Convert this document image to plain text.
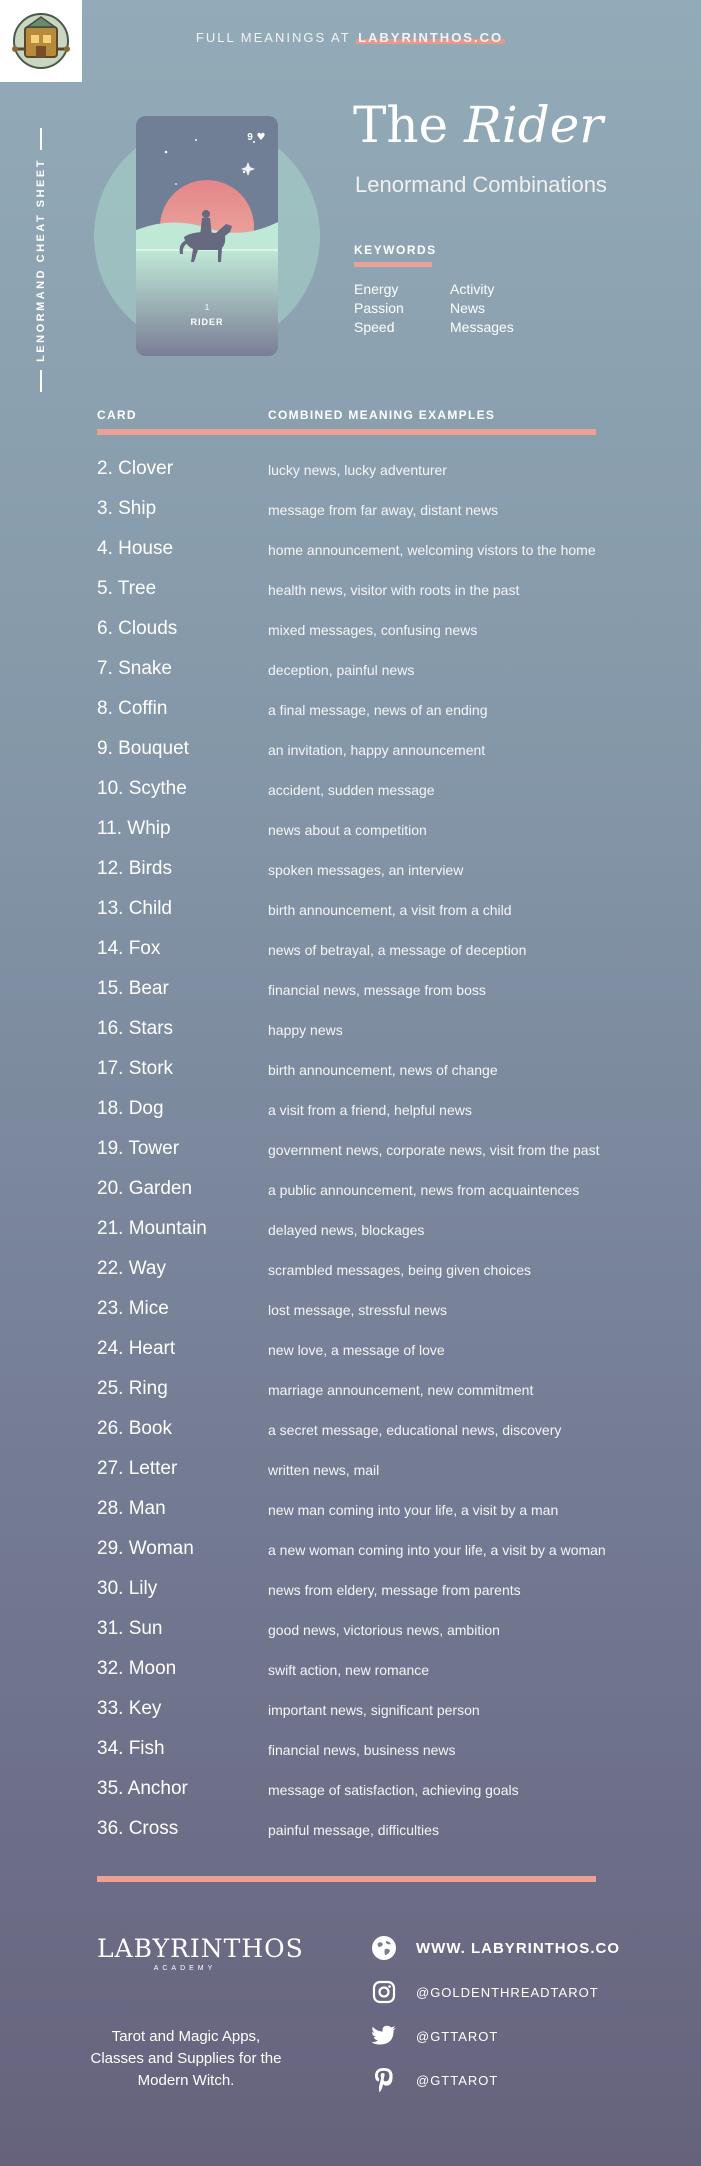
FULL MEANINGS AT LABYRINTHOS.CO
LENORMAND CHEAT SHEET
9 ♥
1
RIDER
The Rider
Lenormand Combinations
KEYWORDS
Energy
Passion
Speed
Activity
News
Messages
CARD	COMBINED MEANING EXAMPLES
2. Clover	lucky news, lucky adventurer
3. Ship	message from far away, distant news
4. House	home announcement, welcoming vistors to the home
5. Tree	health news, visitor with roots in the past
6. Clouds	mixed messages, confusing news
7. Snake	deception, painful news
8. Coffin	a final message, news of an ending
9. Bouquet	an invitation, happy announcement
10. Scythe	accident, sudden message
11. Whip	news about a competition
12. Birds	spoken messages, an interview
13. Child	birth announcement, a visit from a child
14. Fox	news of betrayal, a message of deception
15. Bear	financial news, message from boss
16. Stars	happy news
17. Stork	birth announcement, news of change
18. Dog	a visit from a friend, helpful news
19. Tower	government news, corporate news, visit from the past
20. Garden	a public announcement, news from acquaintences
21. Mountain	delayed news, blockages
22. Way	scrambled messages, being given choices
23. Mice	lost message, stressful news
24. Heart	new love, a message of love
25. Ring	marriage announcement, new commitment
26. Book	a secret message, educational news, discovery
27. Letter	written news, mail
28. Man	new man coming into your life, a visit by a man
29. Woman	a new woman coming into your life, a visit by a woman
30. Lily	news from eldery, message from parents
31. Sun	good news, victorious news, ambition
32. Moon	swift action, new romance
33. Key	important news, significant person
34. Fish	financial news, business news
35. Anchor	message of satisfaction, achieving goals
36. Cross	painful message, difficulties
LABYRINTHOS
ACADEMY
Tarot and Magic Apps, Classes and Supplies for the Modern Witch.
WWW. LABYRINTHOS.CO
@GOLDENTHREADTAROT
@GTTAROT
@GTTAROT
